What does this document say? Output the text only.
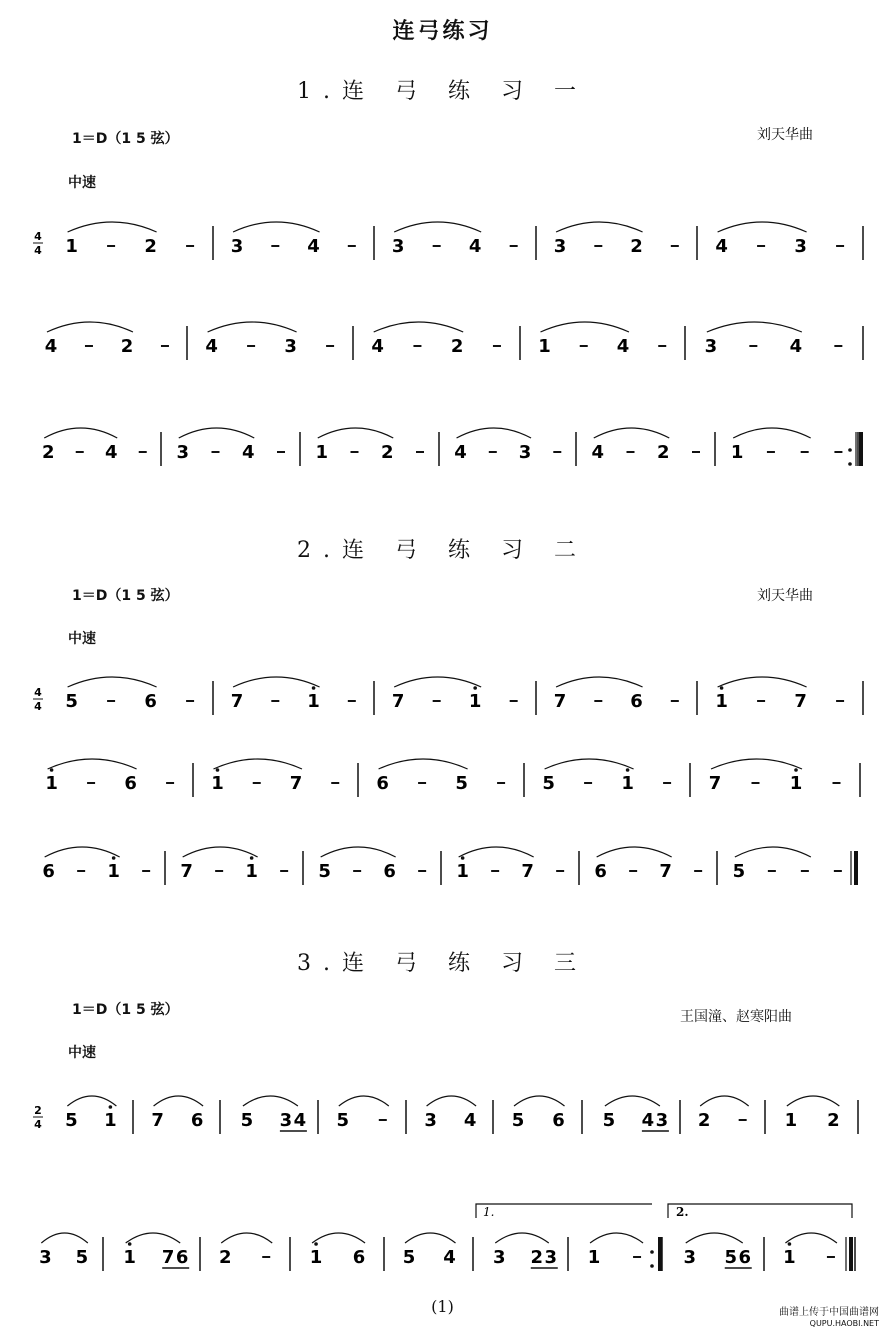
连弓练习
1.连 弓 练 习 一
1＝D（1 5 弦）	刘天华曲
中速
2.连 弓 练 习 二
1＝D（1 5 弦）	刘天华曲
中速
3.连 弓 练 习 三
1＝D（1 5 弦）	王国潼、赵寒阳曲
中速
4
4
4
4
2
4
1	2	3	4	3	4	3	2	4	3
4	2	4	3	4	2	1	4	3	4
2	4	3	4	1	2	4	3	4	2	1
5	6	7	1	7	1	7	6	1	7
1	6	1	7	6	5	5	1	7	1
6	1	7	1	5	6	1	7	6	7	5
5 1 7 6 5 3 4 5	3 4 5 6 5 4 3 2	1 2
3 5 1 7 6 2	1 6 5 4 3 2 3 1	3 5 6 1
1.	2.
(1)	曲谱上传于中国曲谱网
QUPU.HAOBI.NET
